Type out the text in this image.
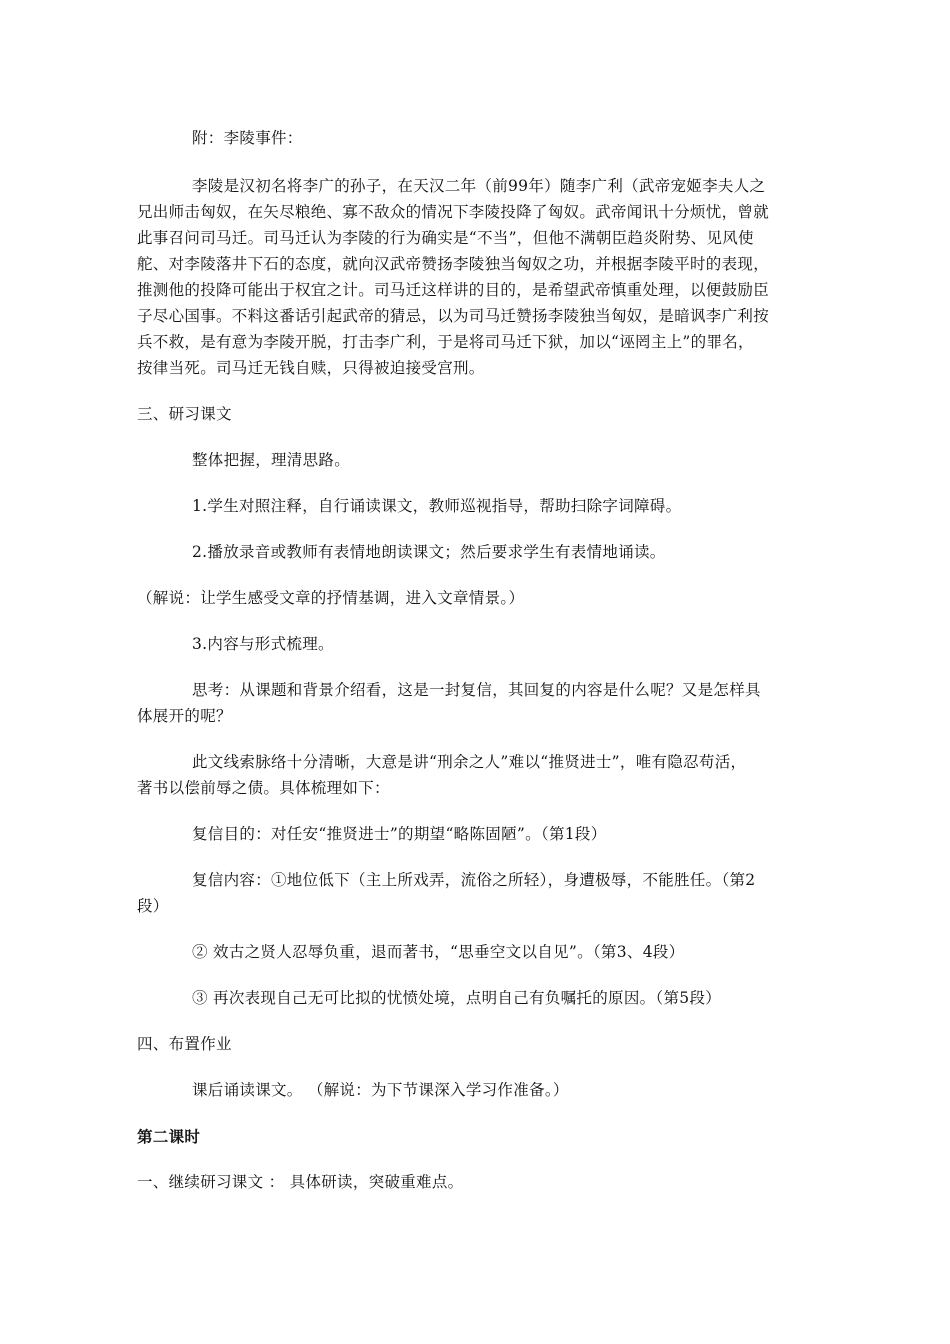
附：李陵事件：
李陵是汉初名将李广的孙子，在天汉二年（前99年）随李广利（武帝宠姬李夫人之
兄出师击匈奴，在矢尽粮绝、寡不敌众的情况下李陵投降了匈奴。武帝闻讯十分烦忧，曾就
此事召问司马迁。司马迁认为李陵的行为确实是“不当”，但他不满朝臣趋炎附势、见风使
舵、对李陵落井下石的态度，就向汉武帝赞扬李陵独当匈奴之功，并根据李陵平时的表现，
推测他的投降可能出于权宜之计。司马迁这样讲的目的，是希望武帝慎重处理，以便鼓励臣
子尽心国事。不料这番话引起武帝的猜忌，以为司马迁赞扬李陵独当匈奴，是暗讽李广利按
兵不救，是有意为李陵开脱，打击李广利，于是将司马迁下狱，加以“诬罔主上”的罪名，
按律当死。司马迁无钱自赎，只得被迫接受宫刑。
三、研习课文
整体把握，理清思路。
1.学生对照注释，自行诵读课文，教师巡视指导，帮助扫除字词障碍。
2.播放录音或教师有表情地朗读课文；然后要求学生有表情地诵读。
（解说：让学生感受文章的抒情基调，进入文章情景。）
3.内容与形式梳理。
思考：从课题和背景介绍看，这是一封复信，其回复的内容是什么呢？又是怎样具
体展开的呢？
此文线索脉络十分清晰，大意是讲“刑余之人”难以“推贤进士”，唯有隐忍苟活，
著书以偿前辱之债。具体梳理如下：
复信目的：对任安“推贤进士”的期望“略陈固陋”。（第1段）
复信内容：①地位低下（主上所戏弄，流俗之所轻），身遭极辱，不能胜任。（第2
段）
② 效古之贤人忍辱负重，退而著书，“思垂空文以自见”。（第3、4段）
③ 再次表现自己无可比拟的忧愤处境，点明自己有负嘱托的原因。（第5段）
四、布置作业
课后诵读课文。 （解说：为下节课深入学习作准备。）
第二课时
一、继续研习课文 ： 具体研读，突破重难点。
